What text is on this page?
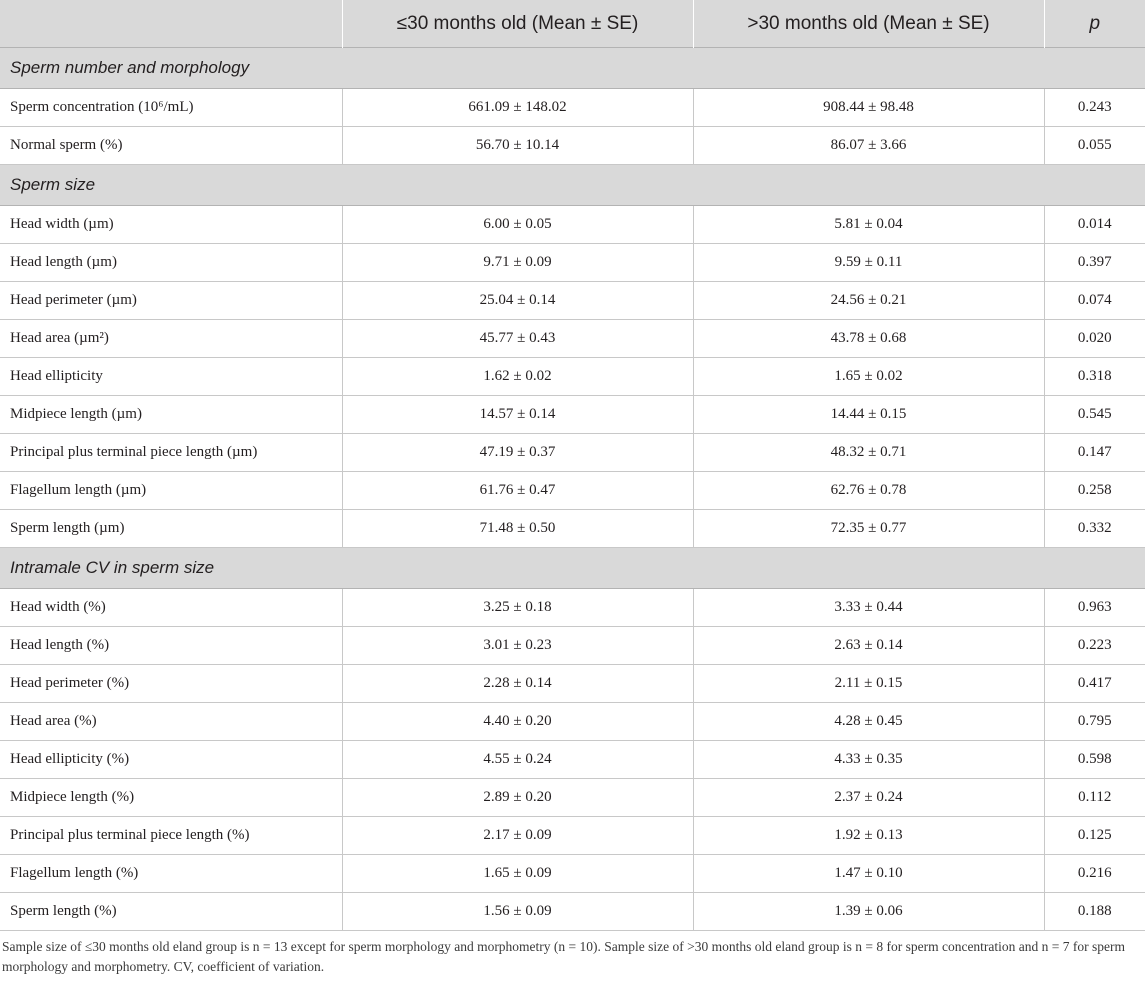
	≤30 months old (Mean ± SE)	>30 months old (Mean ± SE)	p
Sperm number and morphology			
Sperm concentration (10⁶/mL)	661.09 ± 148.02	908.44 ± 98.48	0.243
Normal sperm (%)	56.70 ± 10.14	86.07 ± 3.66	0.055
Sperm size			
Head width (µm)	6.00 ± 0.05	5.81 ± 0.04	0.014
Head length (µm)	9.71 ± 0.09	9.59 ± 0.11	0.397
Head perimeter (µm)	25.04 ± 0.14	24.56 ± 0.21	0.074
Head area (µm²)	45.77 ± 0.43	43.78 ± 0.68	0.020
Head ellipticity	1.62 ± 0.02	1.65 ± 0.02	0.318
Midpiece length (µm)	14.57 ± 0.14	14.44 ± 0.15	0.545
Principal plus terminal piece length (µm)	47.19 ± 0.37	48.32 ± 0.71	0.147
Flagellum length (µm)	61.76 ± 0.47	62.76 ± 0.78	0.258
Sperm length (µm)	71.48 ± 0.50	72.35 ± 0.77	0.332
Intramale CV in sperm size			
Head width (%)	3.25 ± 0.18	3.33 ± 0.44	0.963
Head length (%)	3.01 ± 0.23	2.63 ± 0.14	0.223
Head perimeter (%)	2.28 ± 0.14	2.11 ± 0.15	0.417
Head area (%)	4.40 ± 0.20	4.28 ± 0.45	0.795
Head ellipticity (%)	4.55 ± 0.24	4.33 ± 0.35	0.598
Midpiece length (%)	2.89 ± 0.20	2.37 ± 0.24	0.112
Principal plus terminal piece length (%)	2.17 ± 0.09	1.92 ± 0.13	0.125
Flagellum length (%)	1.65 ± 0.09	1.47 ± 0.10	0.216
Sperm length (%)	1.56 ± 0.09	1.39 ± 0.06	0.188
Sample size of ≤30 months old eland group is n = 13 except for sperm morphology and morphometry (n = 10). Sample size of >30 months old eland group is n = 8 for sperm concentration and n = 7 for sperm morphology and morphometry. CV, coefficient of variation.
